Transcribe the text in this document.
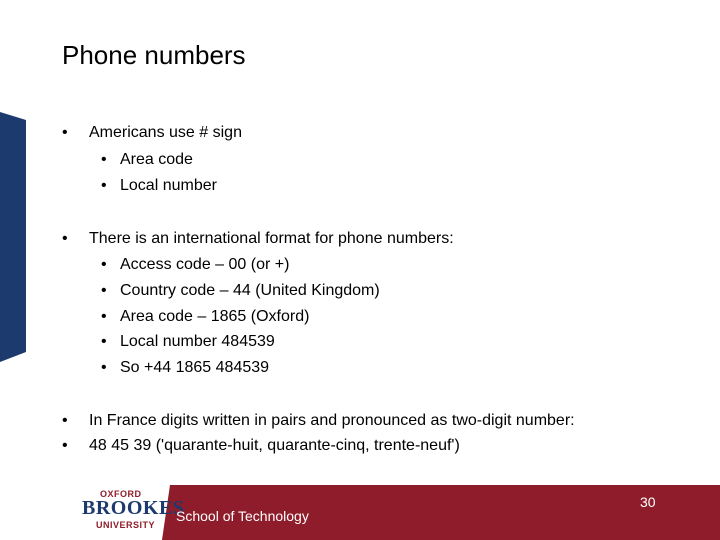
Phone numbers
• Americans use # sign
• Area code
• Local number
• There is an international format for phone numbers:
• Access code – 00 (or +)
• Country code – 44 (United Kingdom)
• Area code – 1865 (Oxford)
• Local number 484539
• So +44 1865 484539
• In France digits written in pairs and pronounced as two-digit number:
• 48 45 39 ('quarante-huit, quarante-cinq, trente-neuf')
OXFORD
BROOKES
UNIVERSITY
School of Technology
30
